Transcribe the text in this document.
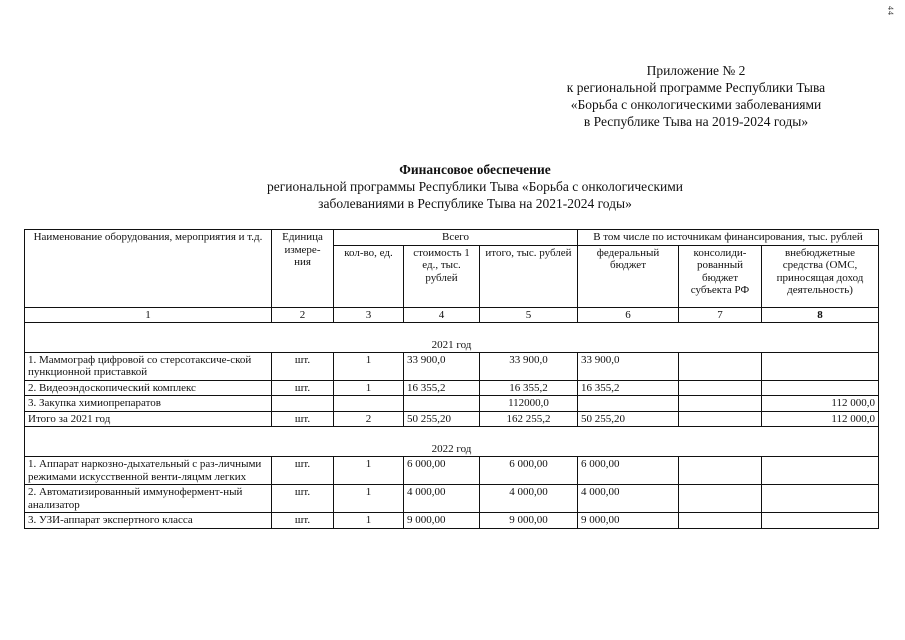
44
Приложение № 2
к региональной программе Республики Тыва
«Борьба с онкологическими заболеваниями
в Республике Тыва на 2019-2024 годы»
Финансовое обеспечение
региональной программы Республики Тыва «Борьба с онкологическими
заболеваниями в Республике Тыва на 2021-2024 годы»
Наименование оборудования, мероприятия и т.д.	Единица измере- ния	Всего			В том числе по источникам финансирования, тыс. рублей		
		кол-во, ед.	стоимость 1 ед., тыс. рублей	итого, тыс. рублей	федеральный бюджет	консолиди- рованный бюджет субъекта РФ	внебюджетные средства (ОМС, приносящая доход деятельность)
1	2	3	4	5	6	7	8
2021 год							
1. Маммограф цифровой со стерсотаксиче-ской пункционной приставкой	шт.	1	33 900,0	33 900,0	33 900,0		
2. Видеоэндоскопический комплекс	шт.	1	16 355,2	16 355,2	16 355,2		
3. Закупка химиопрепаратов				112000,0			112 000,0
Итого за 2021 год	шт.	2	50 255,20	162 255,2	50 255,20		112 000,0
2022 год							
1. Аппарат наркозно-дыхательный с раз-личными режимами искусственной венти-ляцмм легких	шт.	1	6 000,00	6 000,00	6 000,00		
2. Автоматизированный иммунофермент-ный анализатор	шт.	1	4 000,00	4 000,00	4 000,00		
3. УЗИ-аппарат экспертного класса	шт.	1	9 000,00	9 000,00	9 000,00		
